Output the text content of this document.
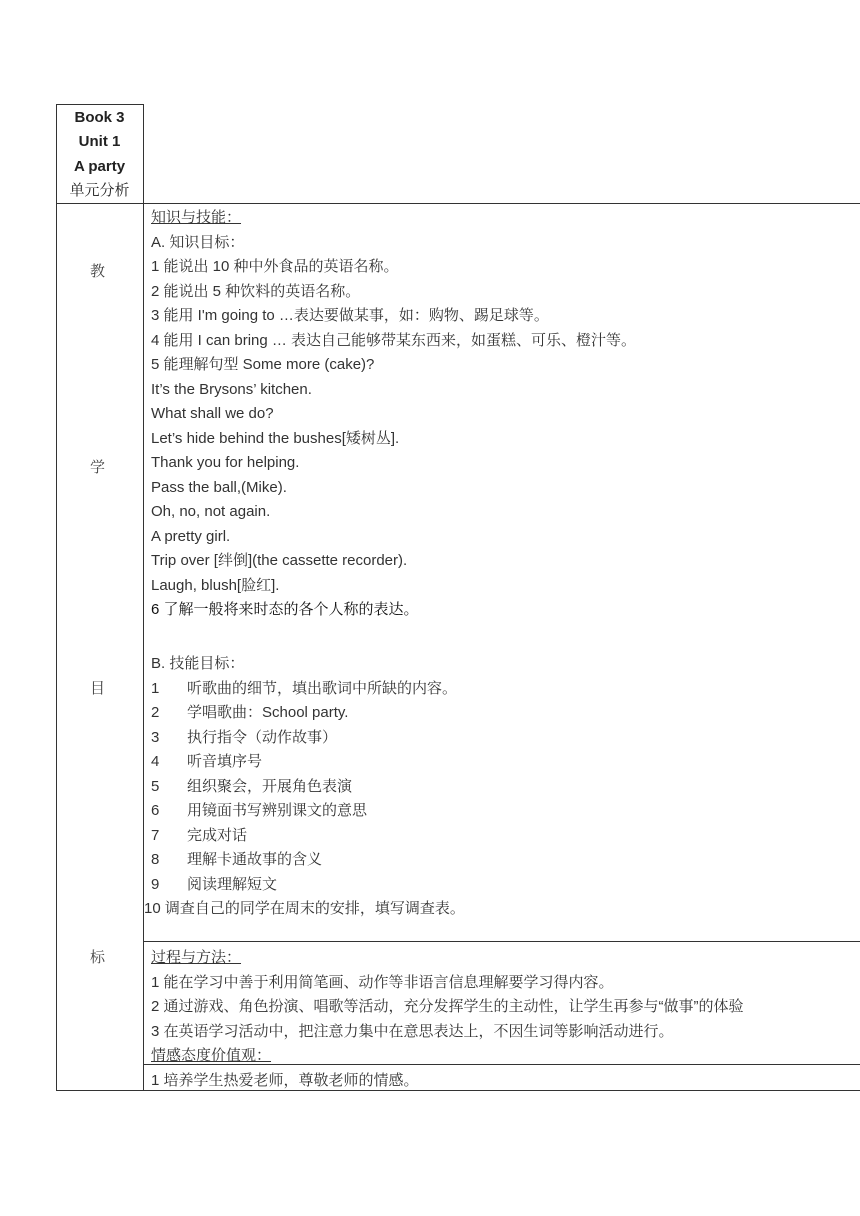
Book 3
Unit 1
A party
单元分析
教
学
目
标
知识与技能：
A. 知识目标：
1 能说出 10 种中外食品的英语名称。
2 能说出 5 种饮料的英语名称。
3 能用 I'm going to …表达要做某事，如：购物、踢足球等。
4 能用 I can bring … 表达自己能够带某东西来，如蛋糕、可乐、橙汁等。
5 能理解句型 Some more (cake)?
It’s the Brysons’ kitchen.
What shall we do?
Let’s hide behind the bushes[矮树丛].
Thank you for helping.
Pass the ball,(Mike).
Oh, no, not again.
A pretty girl.
Trip over [绊倒](the cassette recorder).
Laugh, blush[脸红].
6 了解一般将来时态的各个人称的表达。
B. 技能目标：
1 听歌曲的细节，填出歌词中所缺的内容。
2 学唱歌曲：School party.
3 执行指令（动作故事）
4 听音填序号
5 组织聚会，开展角色表演
6 用镜面书写辨别课文的意思
7 完成对话
8 理解卡通故事的含义
9 阅读理解短文
10 调查自己的同学在周末的安排，填写调查表。
过程与方法：
1 能在学习中善于利用简笔画、动作等非语言信息理解要学习得内容。
2 通过游戏、角色扮演、唱歌等活动，充分发挥学生的主动性，让学生再参与“做事”的体验
3 在英语学习活动中，把注意力集中在意思表达上，不因生词等影响活动进行。
情感态度价值观：
1 培养学生热爱老师，尊敬老师的情感。
